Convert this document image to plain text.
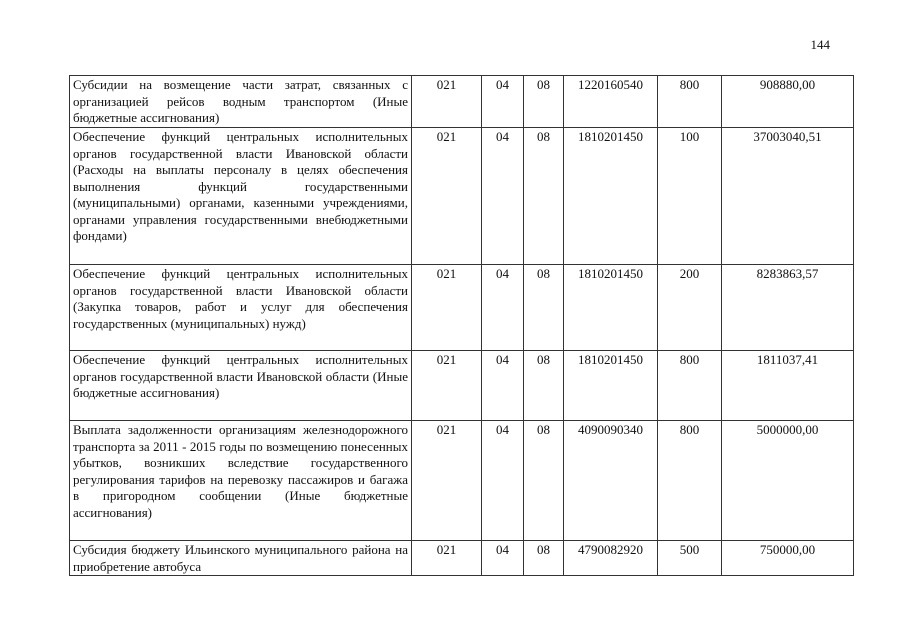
144
Субсидии на возмещение части затрат, связанных с организацией рейсов водным транспортом (Иные бюджетные ассигнования)	021	04	08	1220160540	800	908880,00
Обеспечение функций центральных исполнительных органов государственной власти Ивановской области (Расходы на выплаты персоналу в целях обеспечения выполнения функций государственными (муниципальными) органами, казенными учреждениями, органами управления государственными внебюджетными фондами)	021	04	08	1810201450	100	37003040,51
Обеспечение функций центральных исполнительных органов государственной власти Ивановской области (Закупка товаров, работ и услуг для обеспечения государственных (муниципальных) нужд)	021	04	08	1810201450	200	8283863,57
Обеспечение функций центральных исполнительных органов государственной власти Ивановской области (Иные бюджетные ассигнования)	021	04	08	1810201450	800	1811037,41
Выплата задолженности организациям железнодорожного транспорта за 2011 - 2015 годы по возмещению понесенных убытков, возникших вследствие государственного регулирования тарифов на перевозку пассажиров и багажа в пригородном сообщении (Иные бюджетные ассигнования)	021	04	08	4090090340	800	5000000,00
Субсидия бюджету Ильинского муниципального района на приобретение автобуса	021	04	08	4790082920	500	750000,00
